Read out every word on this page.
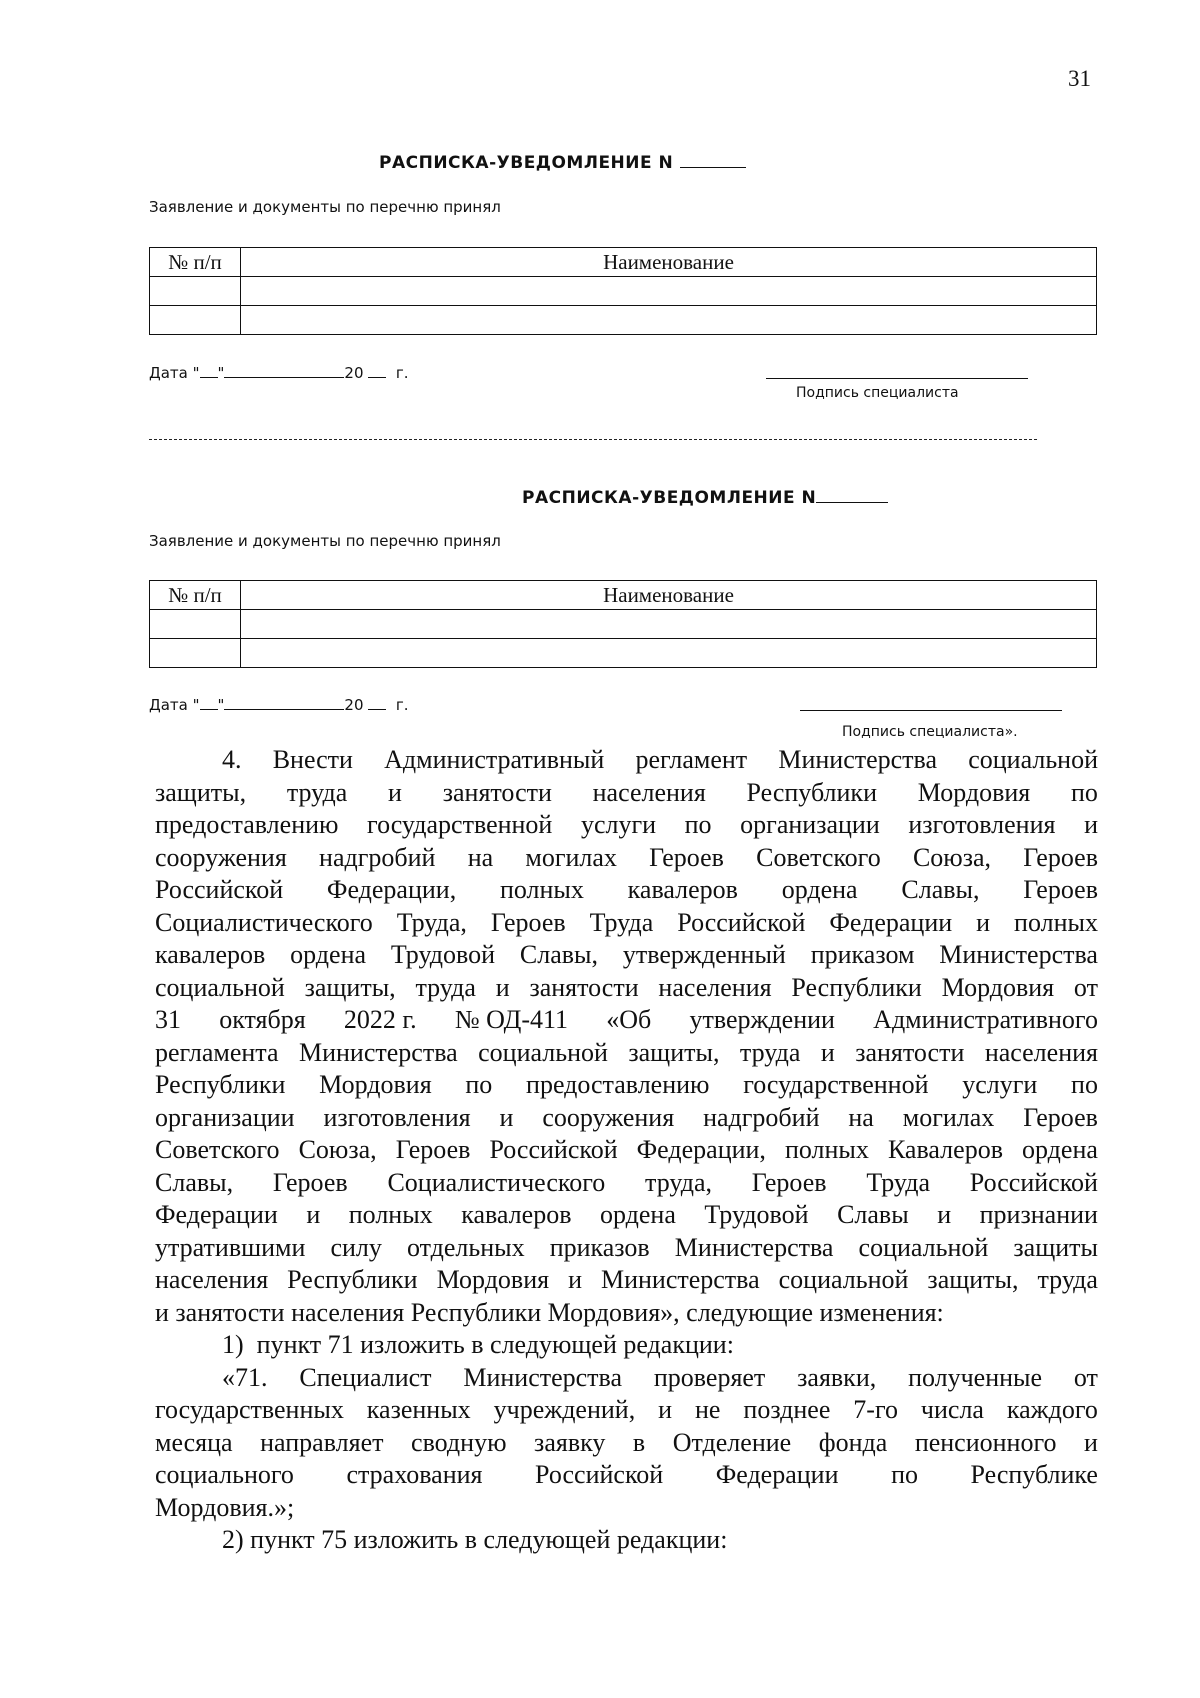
31
РАСПИСКА-УВЕДОМЛЕНИЕ N
Заявление и документы по перечню принял
№ п/п	Наименование

Дата " "	20 г.
Подпись специалиста
РАСПИСКА-УВЕДОМЛЕНИЕ N
Заявление и документы по перечню принял
№ п/п	Наименование

Дата " "	20 г.
Подпись специалиста».
4. Внести Административный регламент Министерства социальной
защиты, труда и занятости населения Республики Мордовия по
предоставлению государственной услуги по организации изготовления и
сооружения надгробий на могилах Героев Советского Союза, Героев
Российской Федерации, полных кавалеров ордена Славы, Героев
Социалистического Труда, Героев Труда Российской Федерации и полных
кавалеров ордена Трудовой Славы, утвержденный приказом Министерства
социальной защиты, труда и занятости населения Республики Мордовия от
31 октября 2022 г. № ОД-411 «Об утверждении Административного
регламента Министерства социальной защиты, труда и занятости населения
Республики Мордовия по предоставлению государственной услуги по
организации изготовления и сооружения надгробий на могилах Героев
Советского Союза, Героев Российской Федерации, полных Кавалеров ордена
Славы, Героев Социалистического труда, Героев Труда Российской
Федерации и полных кавалеров ордена Трудовой Славы и признании
утратившими силу отдельных приказов Министерства социальной защиты
населения Республики Мордовия и Министерства социальной защиты, труда
и занятости населения Республики Мордовия», следующие изменения:
1)  пункт 71 изложить в следующей редакции:
«71. Специалист Министерства проверяет заявки, полученные от
государственных казенных учреждений, и не позднее 7-го числа каждого
месяца направляет сводную заявку в Отделение фонда пенсионного и
социального страхования Российской Федерации по Республике
Мордовия.»;
2) пункт 75 изложить в следующей редакции:
